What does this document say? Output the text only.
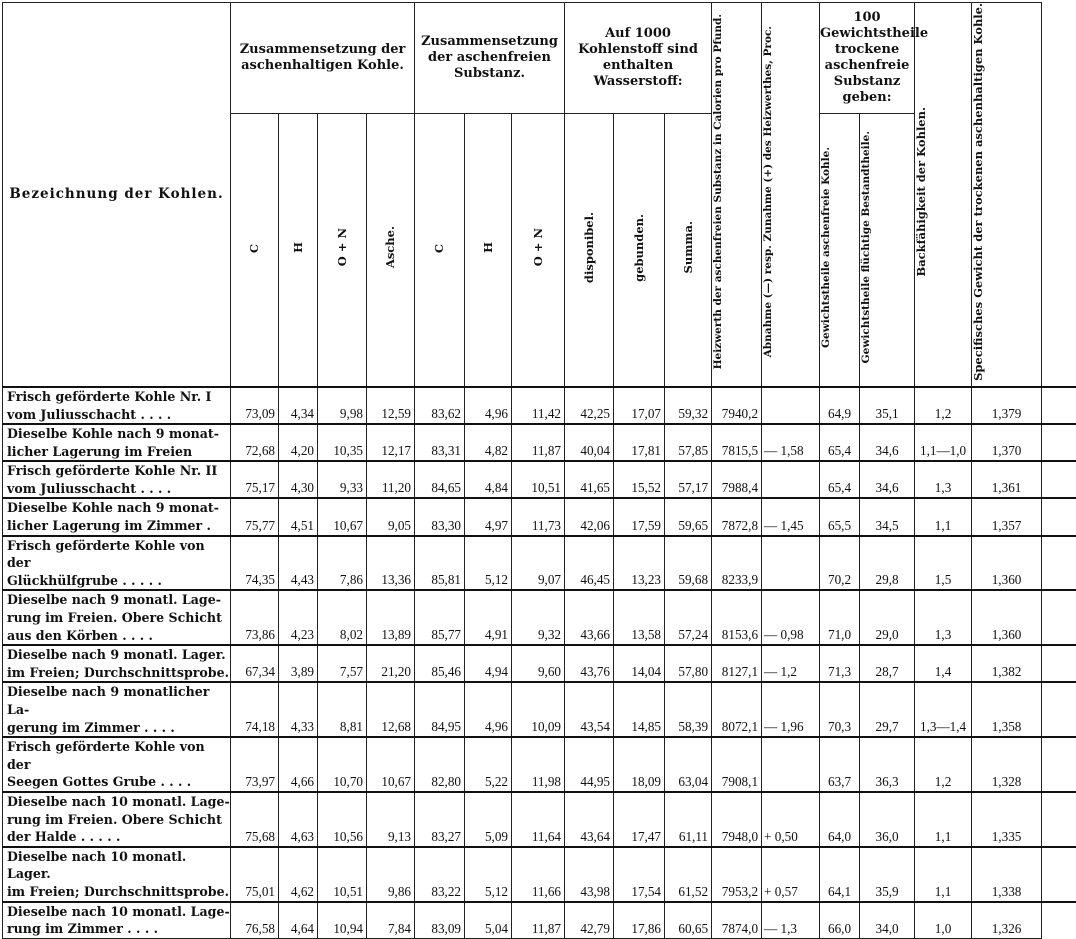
Bezeichnung der Kohlen.	Zusammensetzung der aschenhaltigen Kohle.				Zusammensetzung der aschenfreien Substanz.			Auf 1000 Kohlenstoff sind enthalten Wasserstoff:			Heizwerth der aschenfreien Substanz in Calorien pro Pfund.	Abnahme (—) resp. Zunahme (+) des Heizwerthes, Proc.	100 Gewichtstheile trockene aschenfreie Substanz geben:		Backfähigkeit der Kohlen.	Specifisches Gewicht der trockenen aschenhaltigen Kohle.
	C	H	O + N	Asche.	C	H	O + N	disponibel.	gebunden.	Summa.			Gewichtstheile aschenfreie Kohle.	Gewichtstheile flüchtige Bestandtheile.		

Frisch geförderte Kohle Nr. I
vom Juliusschacht . . . .	73,09	4,34	9,98	12,59	83,62	4,96	11,42	42,25	17,07	59,32	7940,2		64,9	35,1	1,2	1,379

Dieselbe Kohle nach 9 monat-
licher Lagerung im Freien	72,68	4,20	10,35	12,17	83,31	4,82	11,87	40,04	17,81	57,85	7815,5	— 1,58	65,4	34,6	1,1—1,0	1,370

Frisch geförderte Kohle Nr. II
vom Juliusschacht . . . .	75,17	4,30	9,33	11,20	84,65	4,84	10,51	41,65	15,52	57,17	7988,4		65,4	34,6	1,3	1,361

Dieselbe Kohle nach 9 monat-
licher Lagerung im Zimmer .	75,77	4,51	10,67	9,05	83,30	4,97	11,73	42,06	17,59	59,65	7872,8	— 1,45	65,5	34,5	1,1	1,357

Frisch geförderte Kohle von der
Glückhülfgrube . . . . .	74,35	4,43	7,86	13,36	85,81	5,12	9,07	46,45	13,23	59,68	8233,9		70,2	29,8	1,5	1,360

Dieselbe nach 9 monatl. Lage-
rung im Freien. Obere Schicht
aus den Körben . . . .	73,86	4,23	8,02	13,89	85,77	4,91	9,32	43,66	13,58	57,24	8153,6	— 0,98	71,0	29,0	1,3	1,360

Dieselbe nach 9 monatl. Lager.
im Freien; Durchschnittsprobe.	67,34	3,89	7,57	21,20	85,46	4,94	9,60	43,76	14,04	57,80	8127,1	— 1,2	71,3	28,7	1,4	1,382

Dieselbe nach 9 monatlicher La-
gerung im Zimmer . . . .	74,18	4,33	8,81	12,68	84,95	4,96	10,09	43,54	14,85	58,39	8072,1	— 1,96	70,3	29,7	1,3—1,4	1,358

Frisch geförderte Kohle von der
Seegen Gottes Grube . . . .	73,97	4,66	10,70	10,67	82,80	5,22	11,98	44,95	18,09	63,04	7908,1		63,7	36,3	1,2	1,328

Dieselbe nach 10 monatl. Lage-
rung im Freien. Obere Schicht
der Halde . . . . .	75,68	4,63	10,56	9,13	83,27	5,09	11,64	43,64	17,47	61,11	7948,0	+ 0,50	64,0	36,0	1,1	1,335

Dieselbe nach 10 monatl. Lager.
im Freien; Durchschnittsprobe.	75,01	4,62	10,51	9,86	83,22	5,12	11,66	43,98	17,54	61,52	7953,2	+ 0,57	64,1	35,9	1,1	1,338

Dieselbe nach 10 monatl. Lage-
rung im Zimmer . . . .	76,58	4,64	10,94	7,84	83,09	5,04	11,87	42,79	17,86	60,65	7874,0	— 1,3	66,0	34,0	1,0	1,326
